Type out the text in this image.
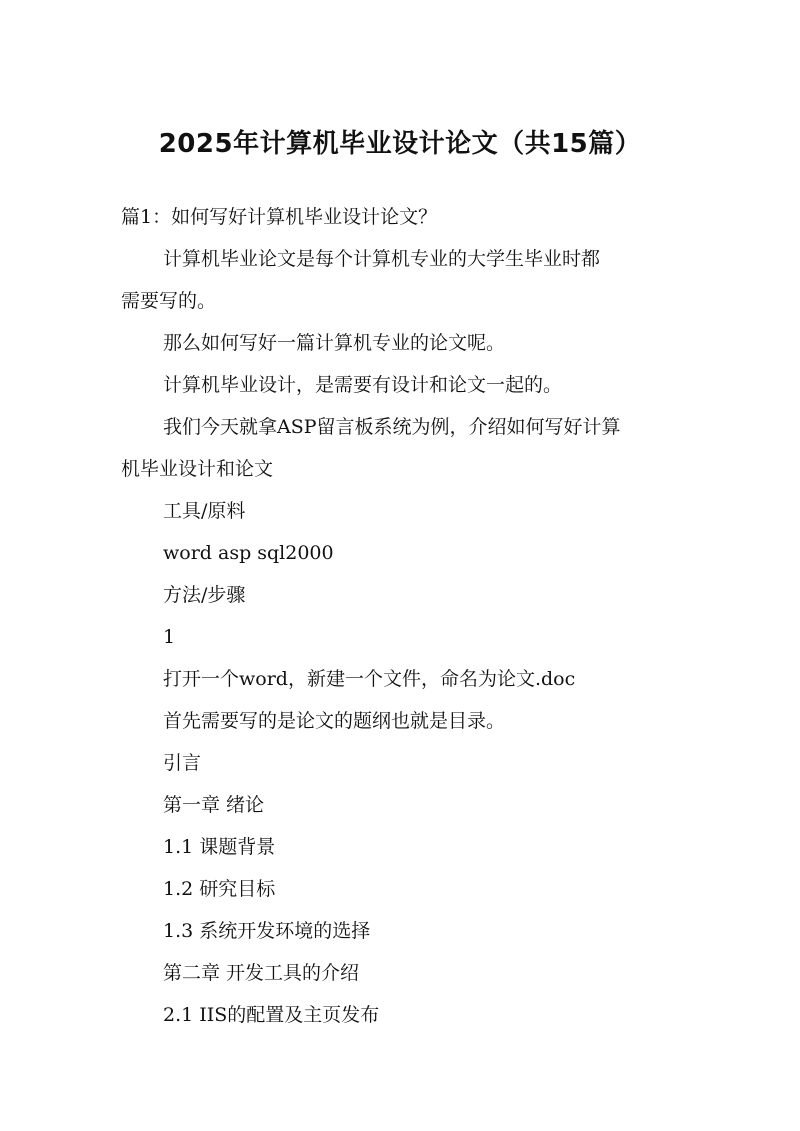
2025年计算机毕业设计论文（共15篇）

篇1：如何写好计算机毕业设计论文？

计算机毕业论文是每个计算机专业的大学生毕业时都
需要写的。

那么如何写好一篇计算机专业的论文呢。

计算机毕业设计，是需要有设计和论文一起的。

我们今天就拿ASP留言板系统为例，介绍如何写好计算
机毕业设计和论文

工具/原料

word asp sql2000

方法/步骤

1

打开一个word，新建一个文件，命名为论文.doc

首先需要写的是论文的题纲也就是目录。

引言

第一章 绪论

1.1 课题背景

1.2 研究目标

1.3 系统开发环境的选择

第二章 开发工具的介绍

2.1 IIS的配置及主页发布
